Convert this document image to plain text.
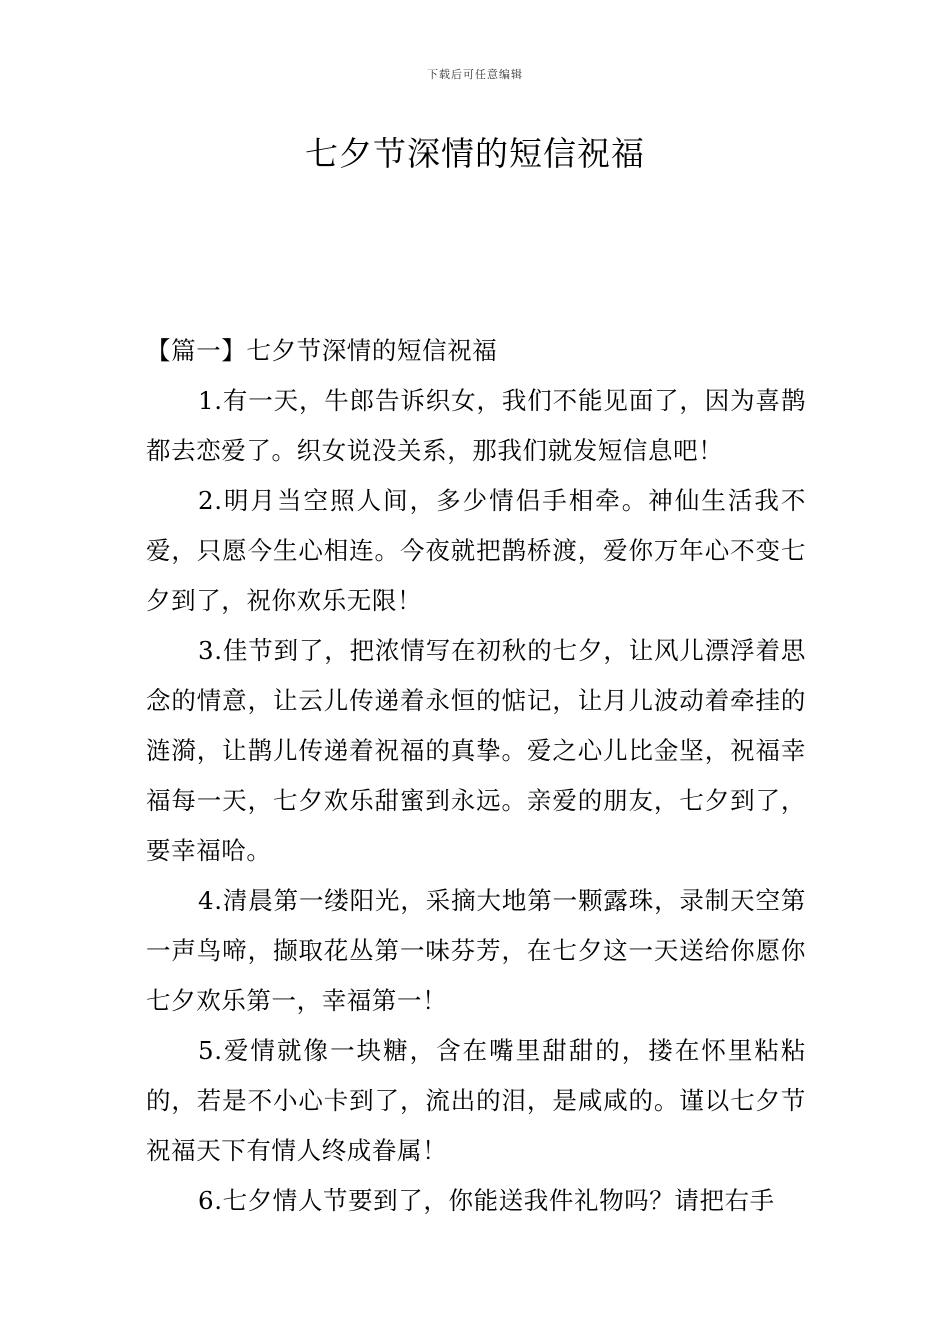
下载后可任意编辑
七夕节深情的短信祝福

【篇一】七夕节深情的短信祝福

1.有一天，牛郎告诉织女，我们不能见面了，因为喜鹊都去恋爱了。织女说没关系，那我们就发短信息吧！

2.明月当空照人间，多少情侣手相牵。神仙生活我不爱，只愿今生心相连。今夜就把鹊桥渡，爱你万年心不变七夕到了，祝你欢乐无限！

3.佳节到了，把浓情写在初秋的七夕，让风儿漂浮着思念的情意，让云儿传递着永恒的惦记，让月儿波动着牵挂的涟漪，让鹊儿传递着祝福的真挚。爱之心儿比金坚，祝福幸福每一天，七夕欢乐甜蜜到永远。亲爱的朋友，七夕到了，要幸福哈。

4.清晨第一缕阳光，采摘大地第一颗露珠，录制天空第一声鸟啼，撷取花丛第一味芬芳，在七夕这一天送给你愿你七夕欢乐第一，幸福第一！

5.爱情就像一块糖，含在嘴里甜甜的，搂在怀里粘粘的，若是不小心卡到了，流出的泪，是咸咸的。谨以七夕节祝福天下有情人终成眷属！

6.七夕情人节要到了，你能送我件礼物吗？请把右手
